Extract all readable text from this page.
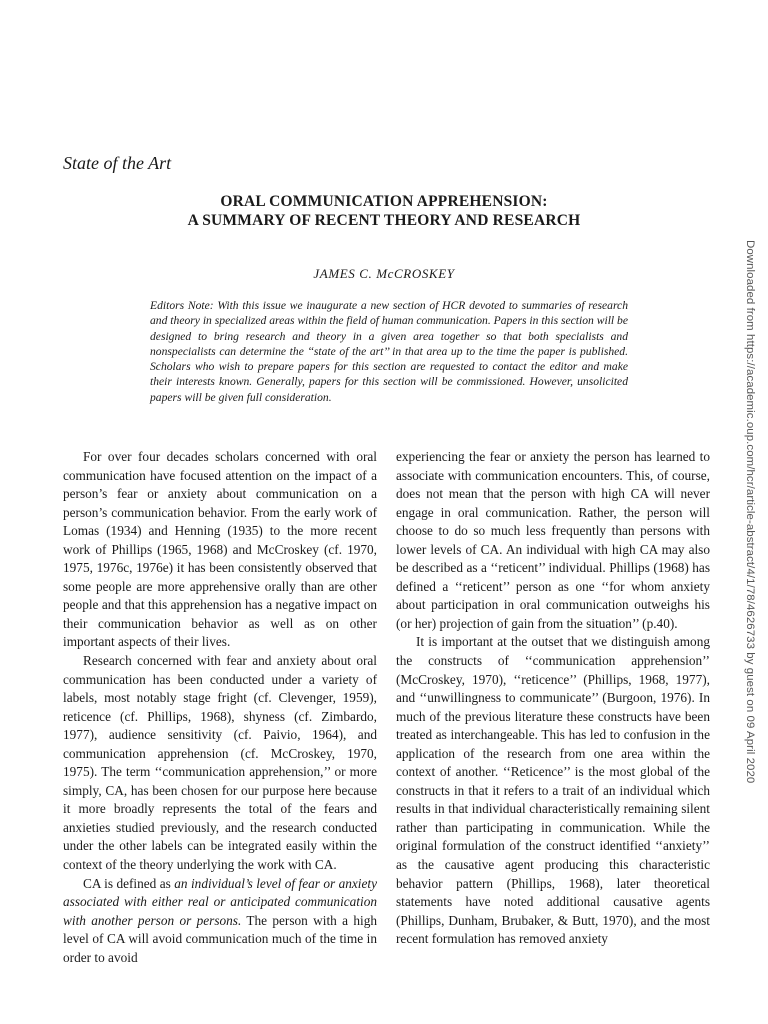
State of the Art
ORAL COMMUNICATION APPREHENSION:
A SUMMARY OF RECENT THEORY AND RESEARCH
JAMES C. McCROSKEY

Editors Note: With this issue we inaugurate a new section of HCR devoted to summaries of research and theory in specialized areas within the field of human communication. Papers in this section will be designed to bring research and theory in a given area together so that both specialists and nonspecialists can determine the ‘‘state of the art’’ in that area up to the time the paper is published. Scholars who wish to prepare papers for this section are requested to contact the editor and make their interests known. Generally, papers for this section will be commissioned. However, unsolicited papers will be given full consideration.

For over four decades scholars concerned with oral communication have focused attention on the impact of a person’s fear or anxiety about communication on a person’s communication behavior. From the early work of Lomas (1934) and Henning (1935) to the more recent work of Phillips (1965, 1968) and McCroskey (cf. 1970, 1975, 1976c, 1976e) it has been consistently observed that some people are more apprehensive orally than are other people and that this apprehension has a negative impact on their communication behavior as well as on other important aspects of their lives.

Research concerned with fear and anxiety about oral communication has been conducted under a variety of labels, most notably stage fright (cf. Clevenger, 1959), reticence (cf. Phillips, 1968), shyness (cf. Zimbardo, 1977), audience sensitivity (cf. Paivio, 1964), and communication apprehension (cf. McCroskey, 1970, 1975). The term ‘‘communication apprehension,’’ or more simply, CA, has been chosen for our purpose here because it more broadly represents the total of the fears and anxieties studied previously, and the research conducted under the other labels can be integrated easily within the context of the theory underlying the work with CA.

CA is defined as an individual’s level of fear or anxiety associated with either real or anticipated communication with another person or persons. The person with a high level of CA will avoid communication much of the time in order to avoid

experiencing the fear or anxiety the person has learned to associate with communication encounters. This, of course, does not mean that the person with high CA will never engage in oral communication. Rather, the person will choose to do so much less frequently than persons with lower levels of CA. An individual with high CA may also be described as a ‘‘reticent’’ individual. Phillips (1968) has defined a ‘‘reticent’’ person as one ‘‘for whom anxiety about participation in oral communication outweighs his (or her) projection of gain from the situation’’ (p.40).

It is important at the outset that we distinguish among the constructs of ‘‘communication apprehension’’ (McCroskey, 1970), ‘‘reticence’’ (Phillips, 1968, 1977), and ‘‘unwillingness to communicate’’ (Burgoon, 1976). In much of the previous literature these constructs have been treated as interchangeable. This has led to confusion in the application of the research from one area within the context of another. ‘‘Reticence’’ is the most global of the constructs in that it refers to a trait of an individual which results in that individual characteristically remaining silent rather than participating in communication. While the original formulation of the construct identified ‘‘anxiety’’ as the causative agent producing this characteristic behavior pattern (Phillips, 1968), later theoretical statements have noted additional causative agents (Phillips, Dunham, Brubaker, & Butt, 1970), and the most recent formulation has removed anxiety

Downloaded from https://academic.oup.com/hcr/article-abstract/4/1/78/4626733 by guest on 09 April 2020
